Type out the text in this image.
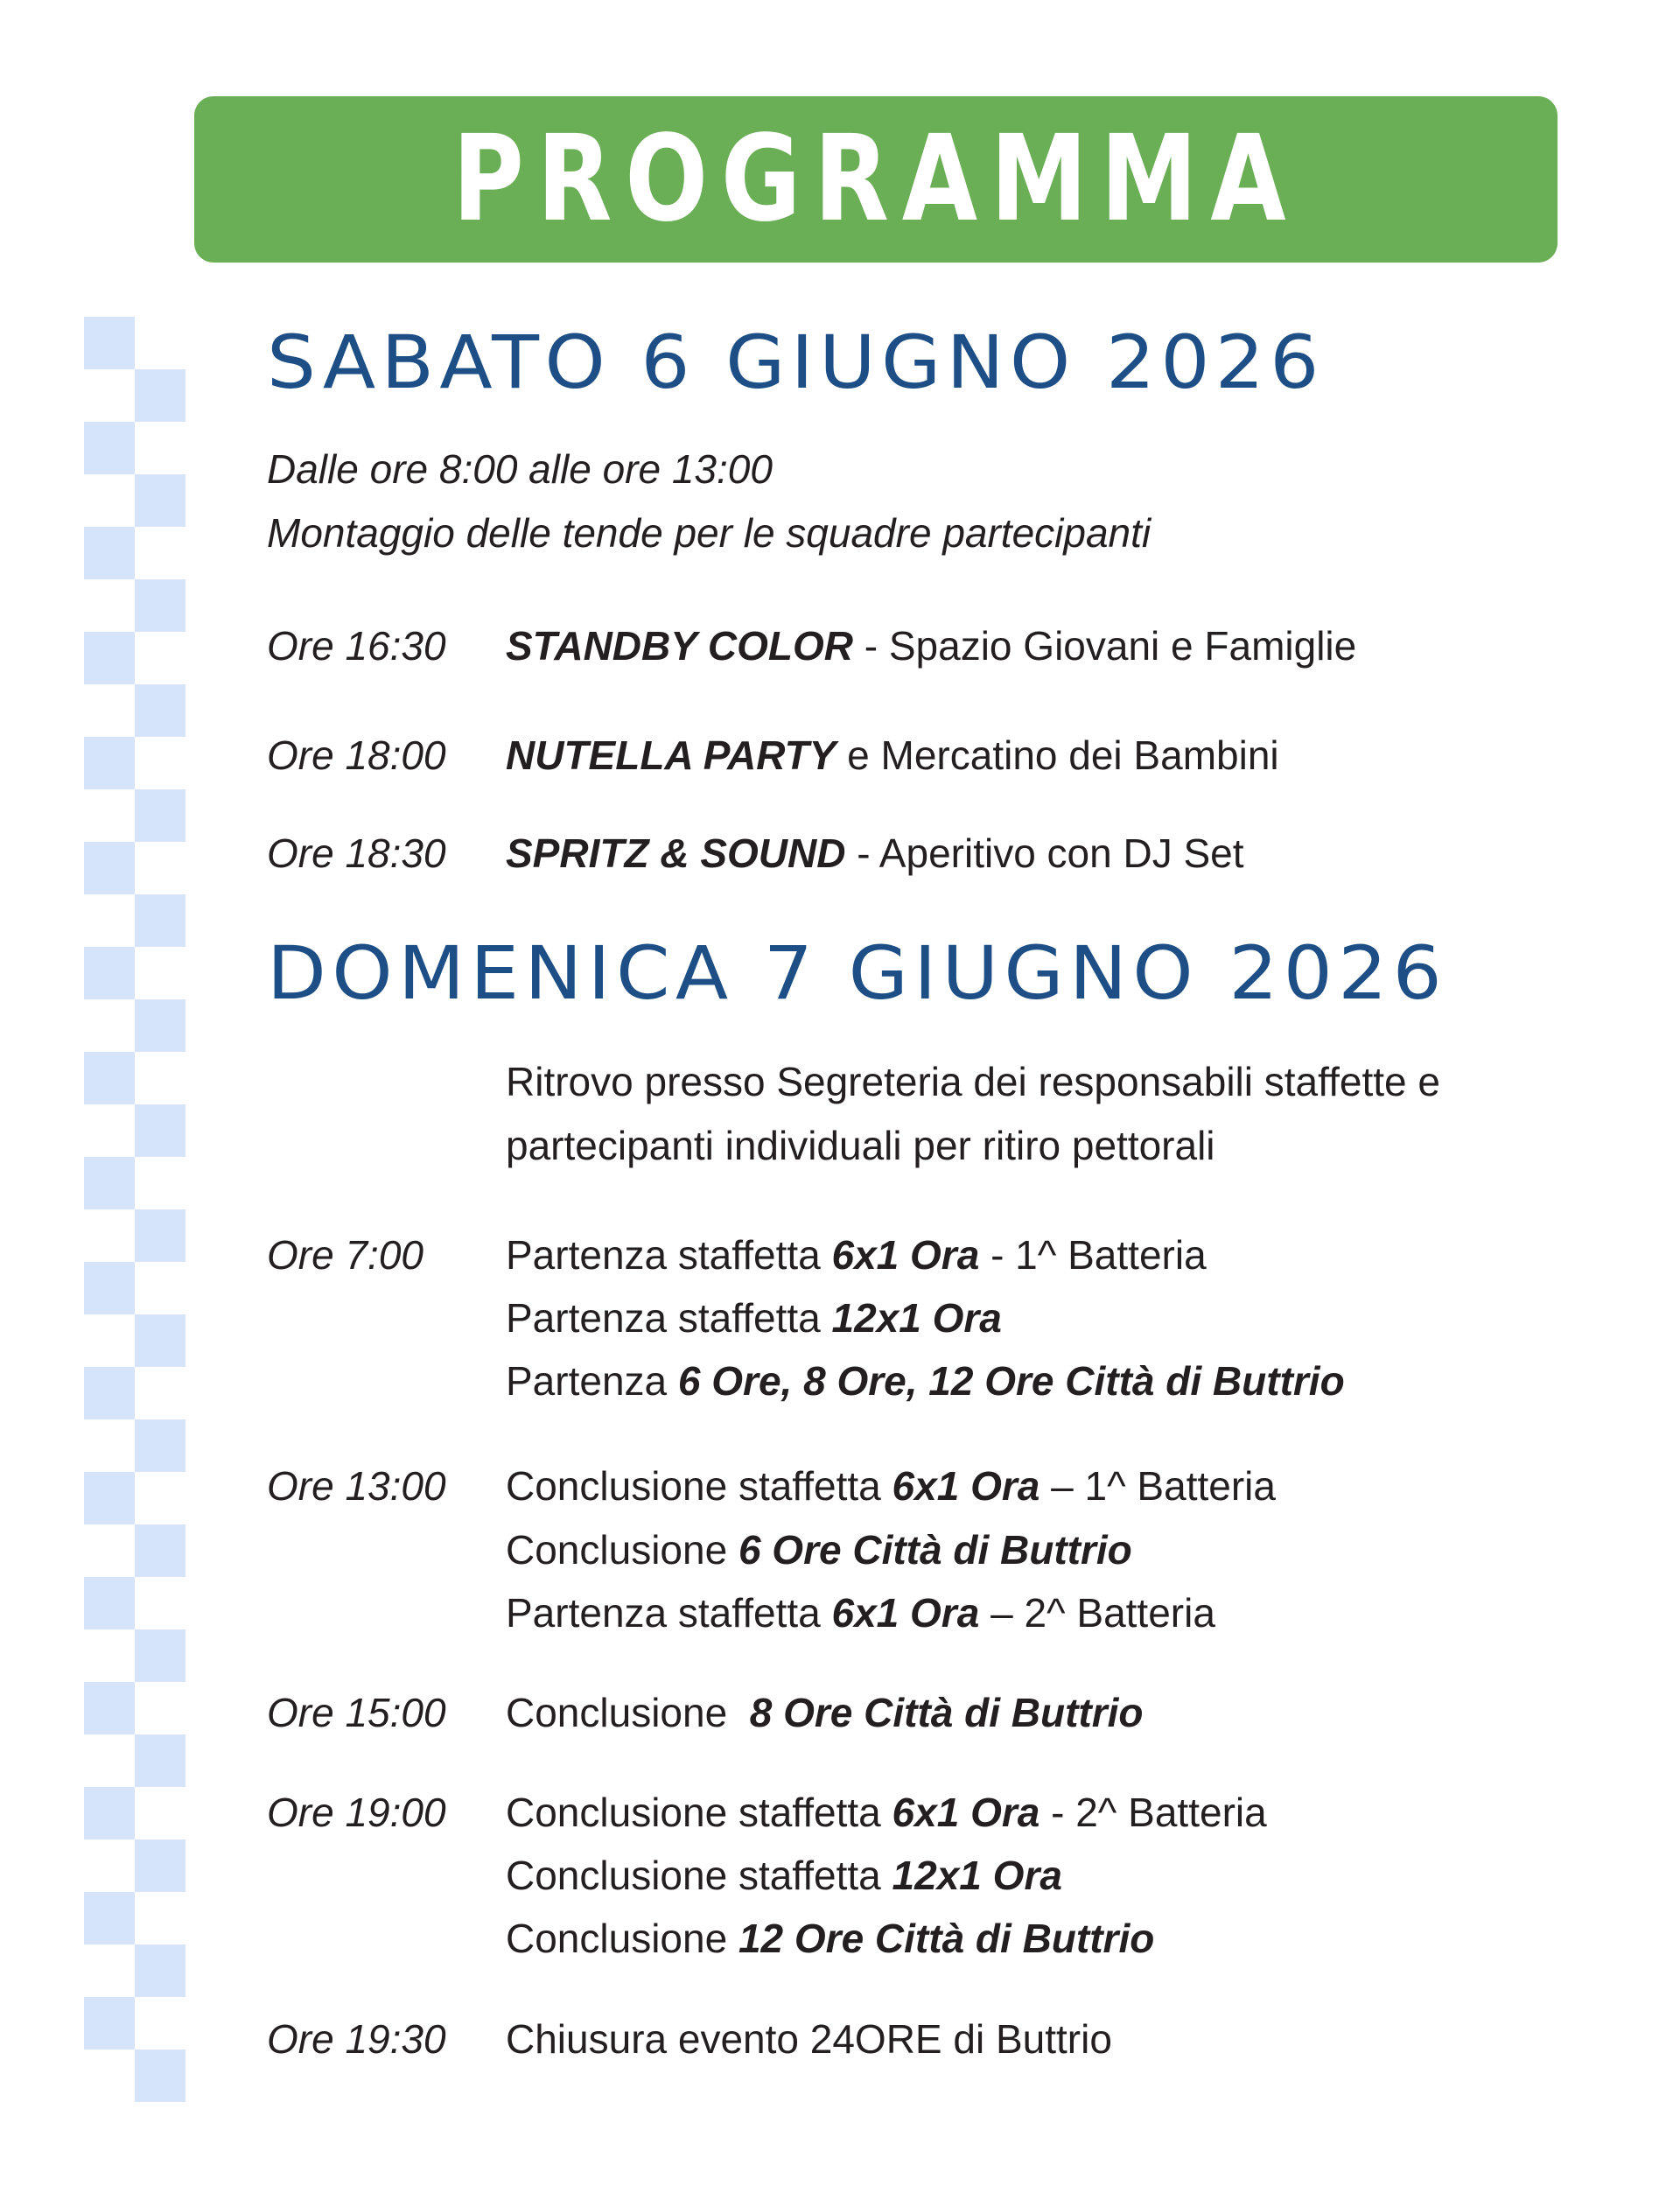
PROGRAMMA
SABATO 6 GIUGNO 2026
Dalle ore 8:00 alle ore 13:00
Montaggio delle tende per le squadre partecipanti
Ore 16:30 STANDBY COLOR - Spazio Giovani e Famiglie
Ore 18:00 NUTELLA PARTY e Mercatino dei Bambini
Ore 18:30 SPRITZ & SOUND - Aperitivo con DJ Set
DOMENICA 7 GIUGNO 2026
Ritrovo presso Segreteria dei responsabili staffette e
partecipanti individuali per ritiro pettorali
Ore 7:00 Partenza staffetta 6x1 Ora - 1^ Batteria
Partenza staffetta 12x1 Ora
Partenza 6 Ore, 8 Ore, 12 Ore Città di Buttrio
Ore 13:00 Conclusione staffetta 6x1 Ora – 1^ Batteria
Conclusione 6 Ore Città di Buttrio
Partenza staffetta 6x1 Ora – 2^ Batteria
Ore 15:00 Conclusione  8 Ore Città di Buttrio
Ore 19:00 Conclusione staffetta 6x1 Ora - 2^ Batteria
Conclusione staffetta 12x1 Ora
Conclusione 12 Ore Città di Buttrio
Ore 19:30 Chiusura evento 24ORE di Buttrio
